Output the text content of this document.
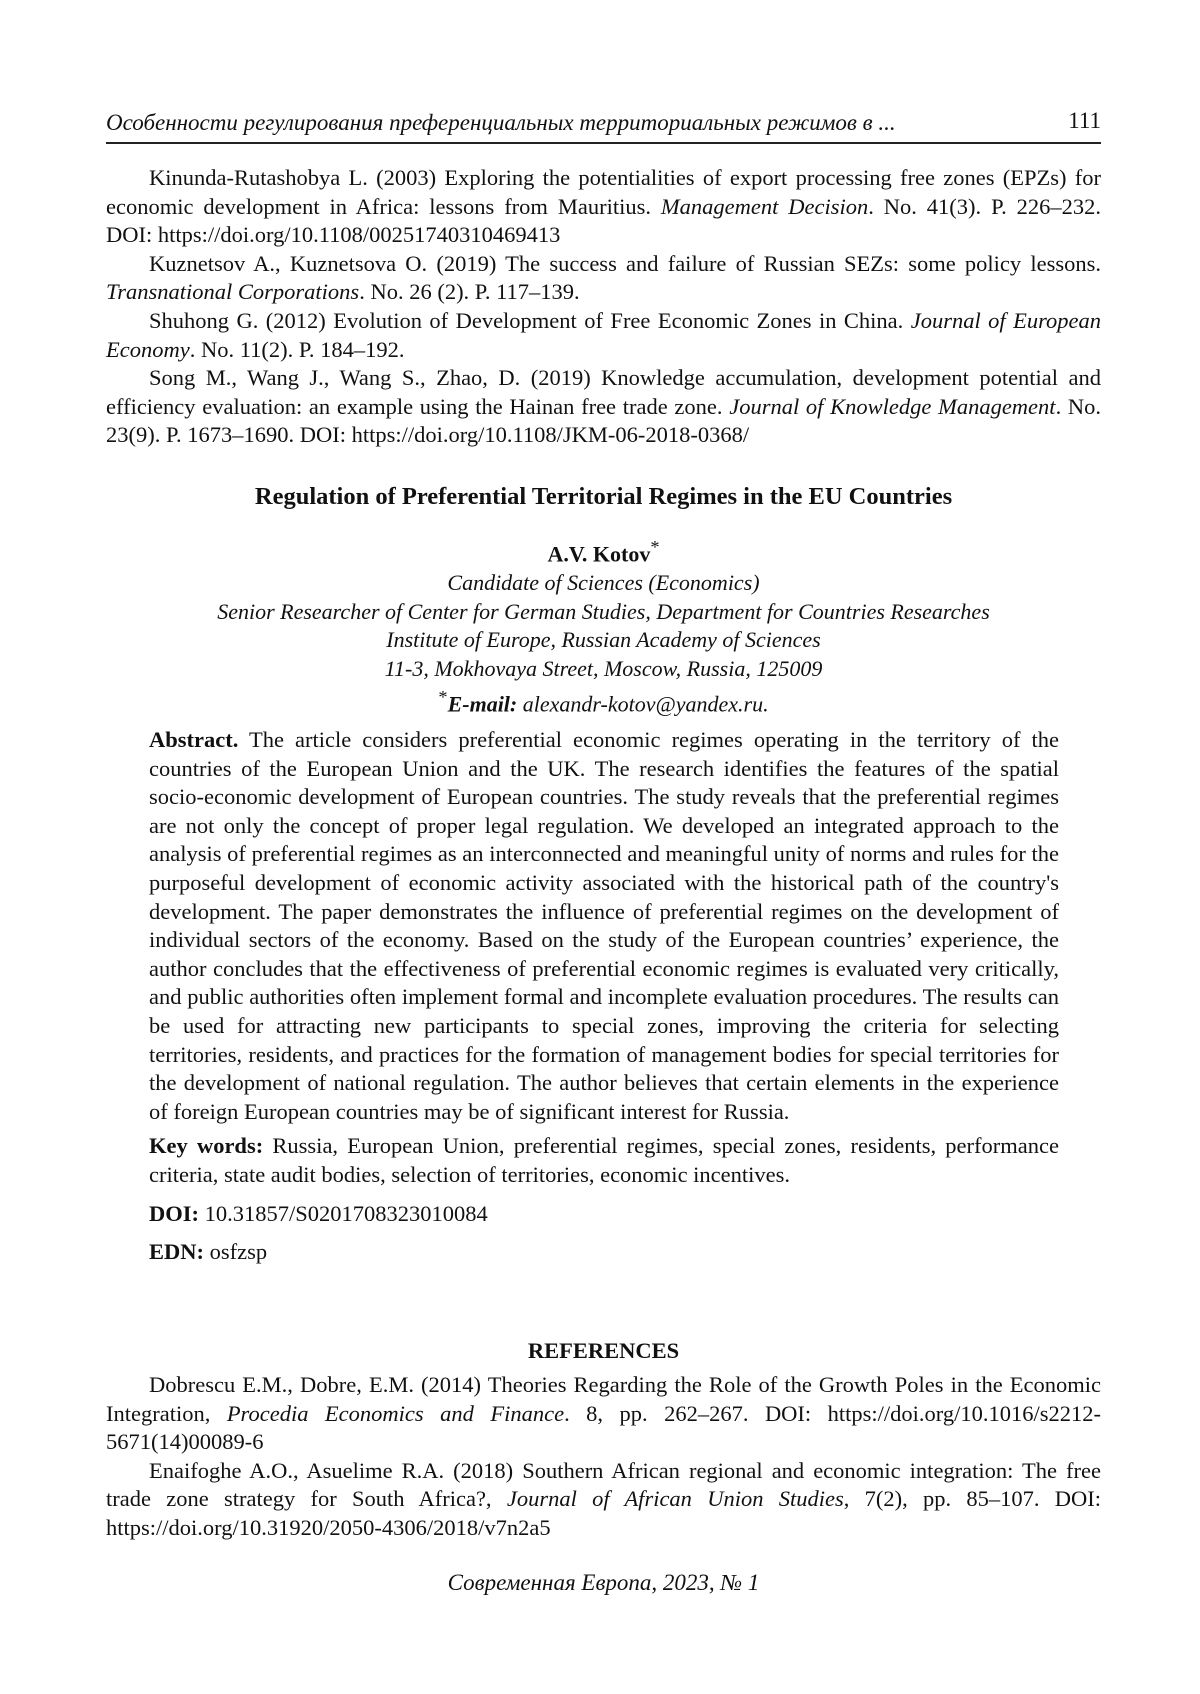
Особенности регулирования преференциальных территориальных режимов в ...	111

Kinunda-Rutashobya L. (2003) Exploring the potentialities of export processing free zones (EPZs) for economic development in Africa: lessons from Mauritius. Management Decision. No. 41(3). P. 226–232. DOI: https://doi.org/10.1108/00251740310469413

Kuznetsov A., Kuznetsova O. (2019) The success and failure of Russian SEZs: some policy lessons. Transnational Corporations. No. 26 (2). P. 117–139.

Shuhong G. (2012) Evolution of Development of Free Economic Zones in China. Journal of European Economy. No. 11(2). P. 184–192.

Song M., Wang J., Wang S., Zhao, D. (2019) Knowledge accumulation, development potential and efficiency evaluation: an example using the Hainan free trade zone. Journal of Knowledge Management. No. 23(9). P. 1673–1690. DOI: https://doi.org/10.1108/JKM-06-2018-0368/

Regulation of Preferential Territorial Regimes in the EU Countries
A.V. Kotov*
Candidate of Sciences (Economics)
Senior Researcher of Center for German Studies, Department for Countries Researches
Institute of Europe, Russian Academy of Sciences
11-3, Mokhovaya Street, Moscow, Russia, 125009
*E-mail: alexandr-kotov@yandex.ru.

Abstract. The article considers preferential economic regimes operating in the territory of the countries of the European Union and the UK. The research identifies the features of the spatial socio-economic development of European countries. The study reveals that the preferential regimes are not only the concept of proper legal regulation. We developed an integrated approach to the analysis of preferential regimes as an interconnected and meaningful unity of norms and rules for the purposeful development of economic activity associated with the historical path of the country's development. The paper demonstrates the influence of preferential regimes on the development of individual sectors of the economy. Based on the study of the European countries’ experience, the author concludes that the effectiveness of preferential economic regimes is evaluated very critically, and public authorities often implement formal and incomplete evaluation procedures. The results can be used for attracting new participants to special zones, improving the criteria for selecting territories, residents, and practices for the formation of management bodies for special territories for the development of national regulation. The author believes that certain elements in the experience of foreign European countries may be of significant interest for Russia.

Key words: Russia, European Union, preferential regimes, special zones, residents, performance criteria, state audit bodies, selection of territories, economic incentives.

DOI: 10.31857/S0201708323010084

EDN: osfzsp

REFERENCES

Dobrescu E.M., Dobre, E.M. (2014) Theories Regarding the Role of the Growth Poles in the Economic Integration, Procedia Economics and Finance. 8, pp. 262–267. DOI: https://doi.org/10.1016/s2212-5671(14)00089-6

Enaifoghe A.O., Asuelime R.A. (2018) Southern African regional and economic integration: The free trade zone strategy for South Africa?, Journal of African Union Studies, 7(2), pp. 85–107. DOI: https://doi.org/10.31920/2050-4306/2018/v7n2a5

Современная Европа, 2023, № 1
